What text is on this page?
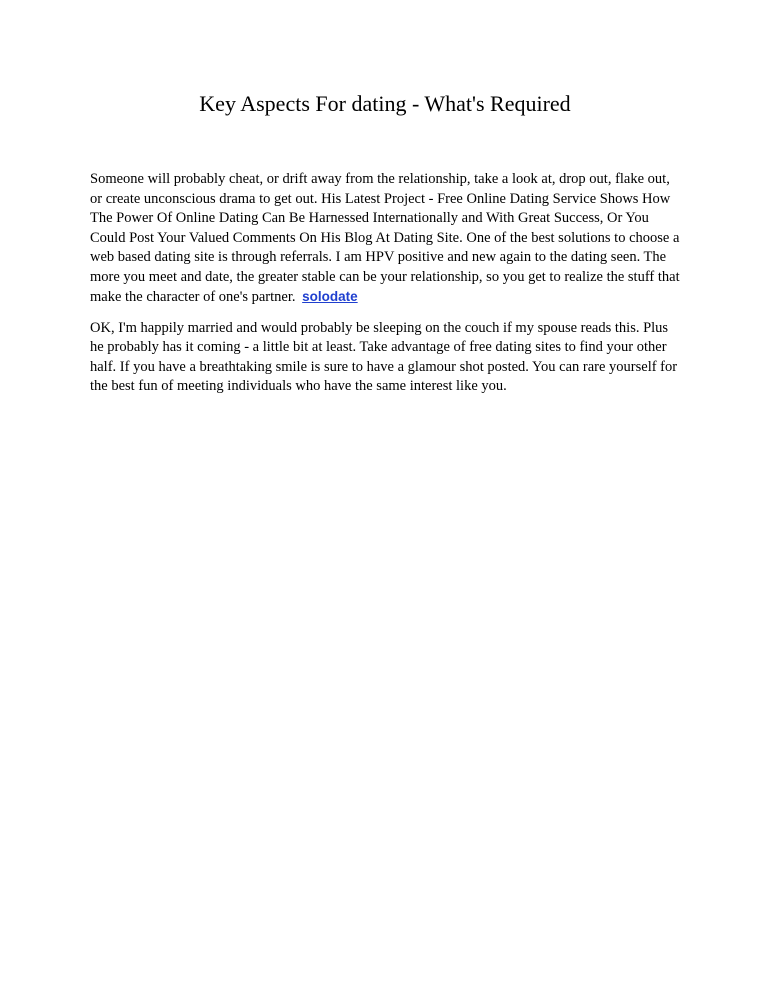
Key Aspects For dating - What's Required

Someone will probably cheat, or drift away from the relationship, take a look at, drop out, flake out, or create unconscious drama to get out. His Latest Project - Free Online Dating Service Shows How The Power Of Online Dating Can Be Harnessed Internationally and With Great Success, Or You Could Post Your Valued Comments On His Blog At Dating Site. One of the best solutions to choose a web based dating site is through referrals. I am HPV positive and new again to the dating seen. The more you meet and date, the greater stable can be your relationship, so you get to realize the stuff that make the character of one's partner. solodate

OK, I'm happily married and would probably be sleeping on the couch if my spouse reads this. Plus he probably has it coming - a little bit at least. Take advantage of free dating sites to find your other half. If you have a breathtaking smile is sure to have a glamour shot posted. You can rare yourself for the best fun of meeting individuals who have the same interest like you.
